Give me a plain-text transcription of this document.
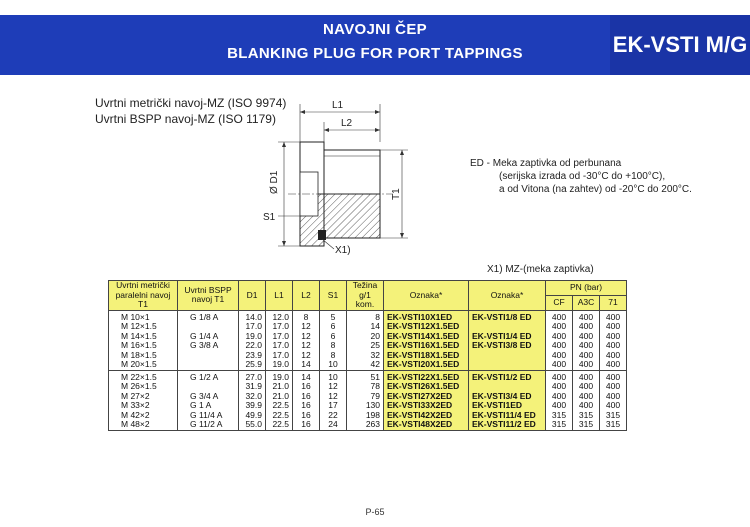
NAVOJNI ČEP
BLANKING PLUG FOR PORT TAPPINGS	EK-VSTI M/G
Uvrtni metrički navoj-MZ (ISO 9974)
Uvrtni BSPP navoj-MZ (ISO 1179)
L1
L2
Ø D1
T1
S1
X1)
ED - Meka zaptivka od perbunana
(serijska izrada od -30°C do +100°C),
a od Vitona (na zahtev) od -20°C do 200°C.
X1) MZ-(meka zaptivka)
Uvrtni metrički paralelni navoj T1	Uvrtni BSPP navoj T1	D1	L1	L2	S1	Težina g/1 kom.	Oznaka*	Oznaka*	PN (bar)		
									CF	A3C	71
M 10×1	G 1/8 A	14.0	12.0	8	5	8	EK-VSTI10X1ED	EK-VSTI1/8 ED	400	400	400
M 12×1.5		17.0	17.0	12	6	14	EK-VSTI12X1.5ED		400	400	400
M 14×1.5	G 1/4 A	19.0	17.0	12	6	20	EK-VSTI14X1.5ED	EK-VSTI1/4 ED	400	400	400
M 16×1.5	G 3/8 A	22.0	17.0	12	8	25	EK-VSTI16X1.5ED	EK-VSTI3/8 ED	400	400	400
M 18×1.5		23.9	17.0	12	8	32	EK-VSTI18X1.5ED		400	400	400
M 20×1.5		25.9	19.0	14	10	42	EK-VSTI20X1.5ED		400	400	400
M 22×1.5	G 1/2 A	27.0	19.0	14	10	51	EK-VSTI22X1.5ED	EK-VSTI1/2 ED	400	400	400
M 26×1.5		31.9	21.0	16	12	78	EK-VSTI26X1.5ED		400	400	400
M 27×2	G 3/4 A	32.0	21.0	16	12	79	EK-VSTI27X2ED	EK-VSTI3/4 ED	400	400	400
M 33×2	G 1 A	39.9	22.5	16	17	130	EK-VSTI33X2ED	EK-VSTI1ED	400	400	400
M 42×2	G 11/4 A	49.9	22.5	16	22	198	EK-VSTI42X2ED	EK-VSTI11/4 ED	315	315	315
M 48×2	G 11/2 A	55.0	22.5	16	24	263	EK-VSTI48X2ED	EK-VSTI11/2 ED	315	315	315
P-65
